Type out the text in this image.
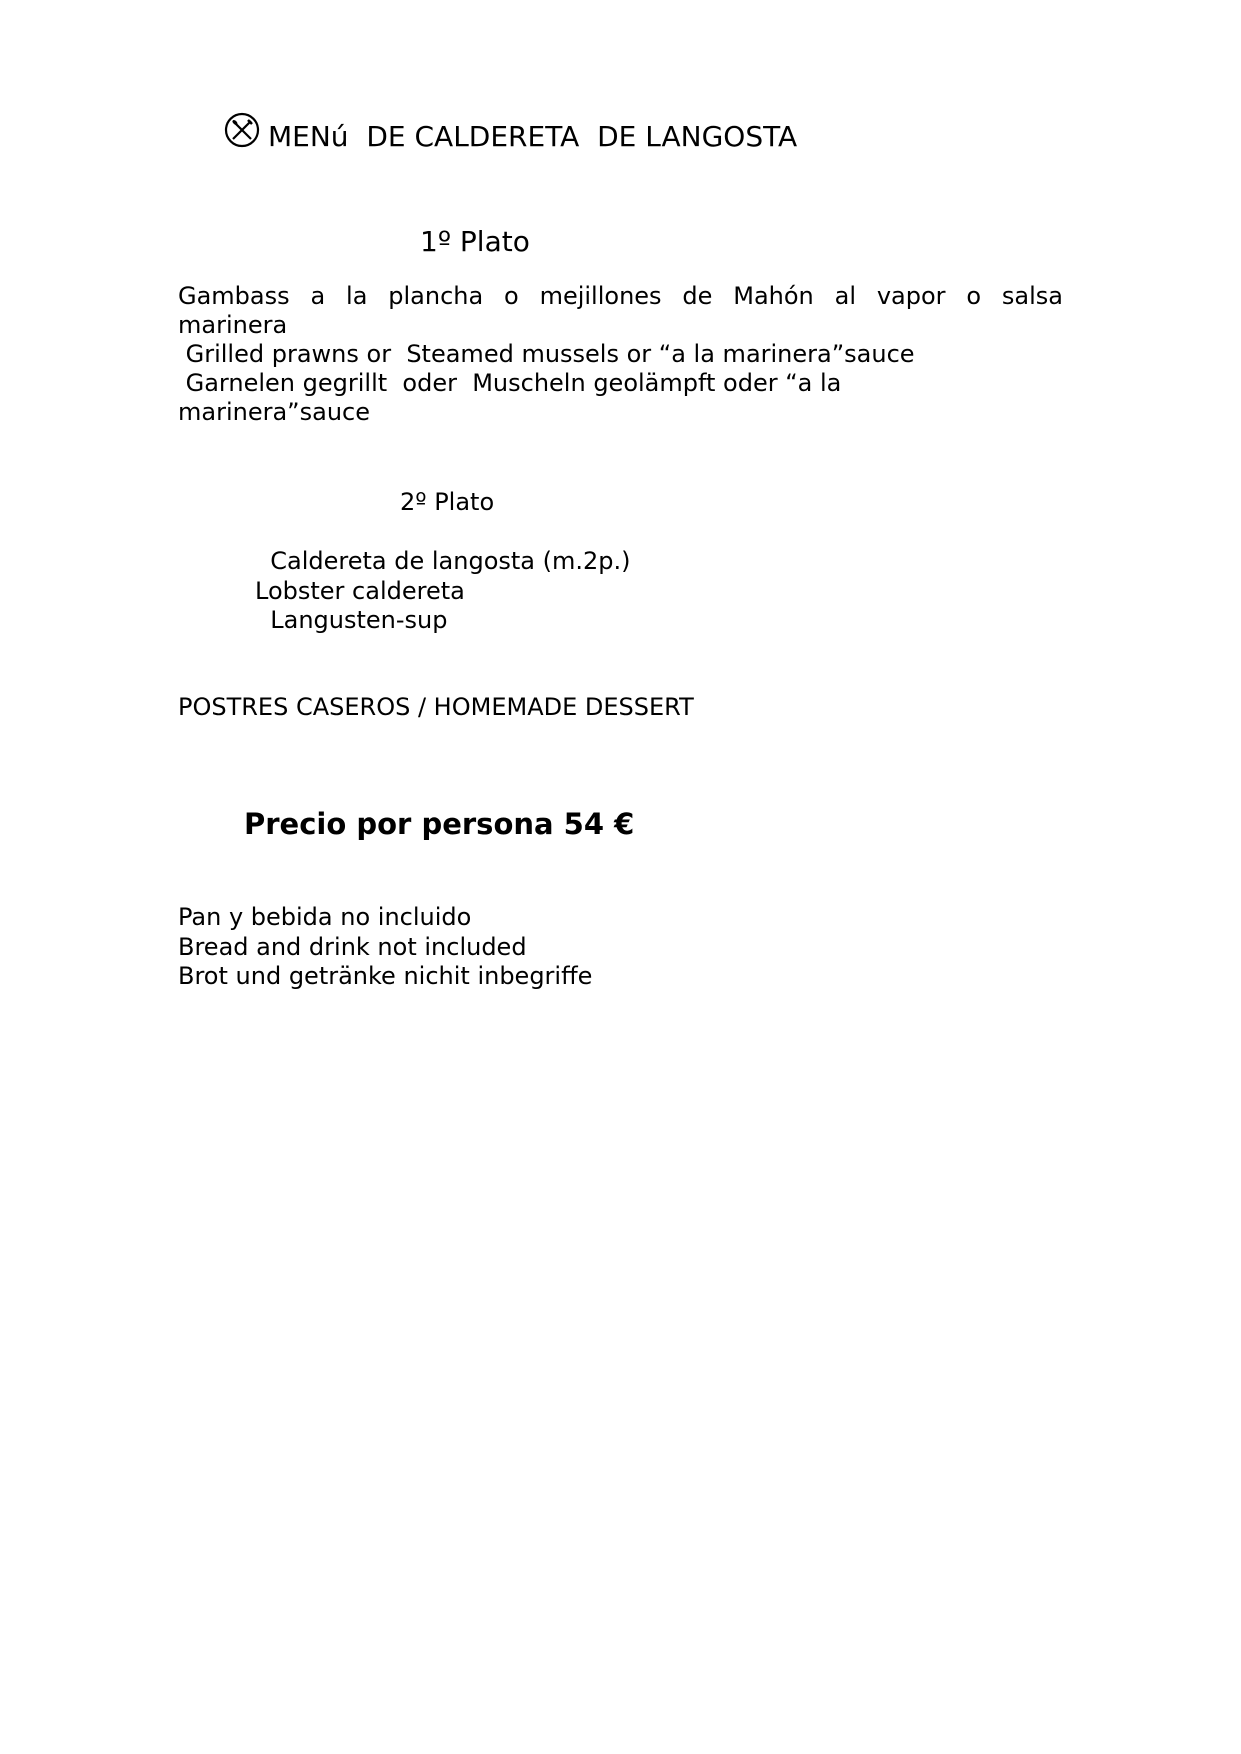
MENú  DE CALDERETA  DE LANGOSTA
1º Plato
Gambass a la plancha o mejillones de Mahón al vapor o salsa
marinera
Grilled prawns or  Steamed mussels or “a la marinera”sauce
Garnelen gegrillt  oder  Muscheln geolämpft oder “a la
marinera”sauce
2º Plato
Caldereta de langosta (m.2p.)
Lobster caldereta
Langusten-sup
POSTRES CASEROS / HOMEMADE DESSERT
Precio por persona 54 €
Pan y bebida no incluido
Bread and drink not included
Brot und getränke nichit inbegriffe
